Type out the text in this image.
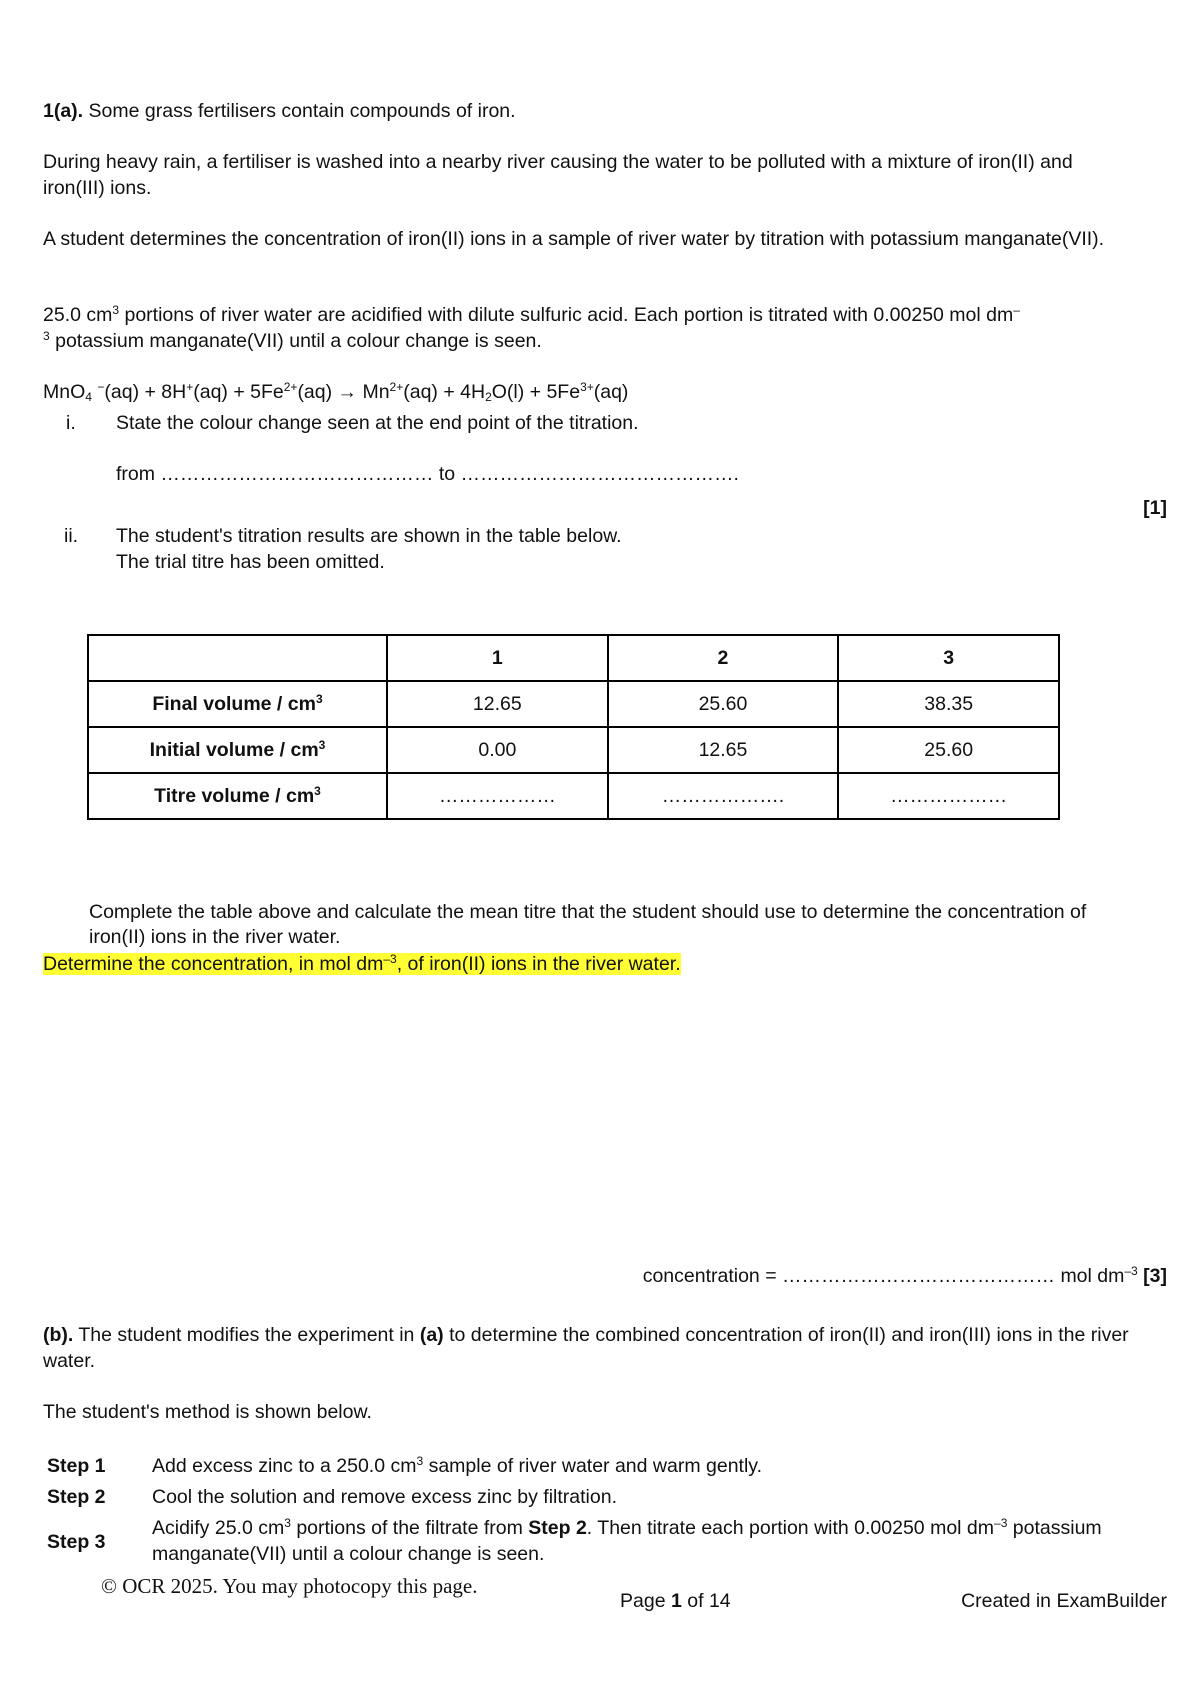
1(a). Some grass fertilisers contain compounds of iron.
During heavy rain, a fertiliser is washed into a nearby river causing the water to be polluted with a mixture of iron(II) and iron(III) ions.
A student determines the concentration of iron(II) ions in a sample of river water by titration with potassium manganate(VII).
25.0 $cm^3$ portions of river water are acidified with dilute sulfuric acid. Each portion is titrated with 0.00250 mol dm–
$^3$ potassium manganate(VII) until a colour change is seen.
MnO$_4$ $^-(aq) + 8H^+(aq) + 5Fe^{2+}(aq) \to Mn^{2+}(aq) + 4H_2O(l) + 5Fe^{3+}(aq)$
i. State the colour change seen at the end point of the titration.
from …………………………………… to …………………………………….
[1]
ii. The student's titration results are shown in the table below.
The trial titre has been omitted.
	1	2	3
Final volume / $cm^3$	12.65	25.60	38.35
Initial volume / $cm^3$	0.00	12.65	25.60
Titre volume / $cm^3$	………………	……………….	………………
Complete the table above and calculate the mean titre that the student should use to determine the concentration of iron(II) ions in the river water.
Determine the concentration, in mol $dm^{-3}$, of iron(II) ions in the river water.
concentration = …………………………………… mol $dm^{-3}$ [3]
(b). The student modifies the experiment in (a) to determine the combined concentration of iron(II) and iron(III) ions in the river water.
The student's method is shown below.
Step 1 Add excess zinc to a 250.0 $cm^3$ sample of river water and warm gently.
Step 2 Cool the solution and remove excess zinc by filtration.
Step 3
Acidify 25.0 $cm^3$ portions of the filtrate from Step 2. Then titrate each portion with 0.00250 mol $dm^{-3}$ potassium manganate(VII) until a colour change is seen.
© OCR 2025. You may photocopy this page.
Page 1 of 14	Created in ExamBuilder
